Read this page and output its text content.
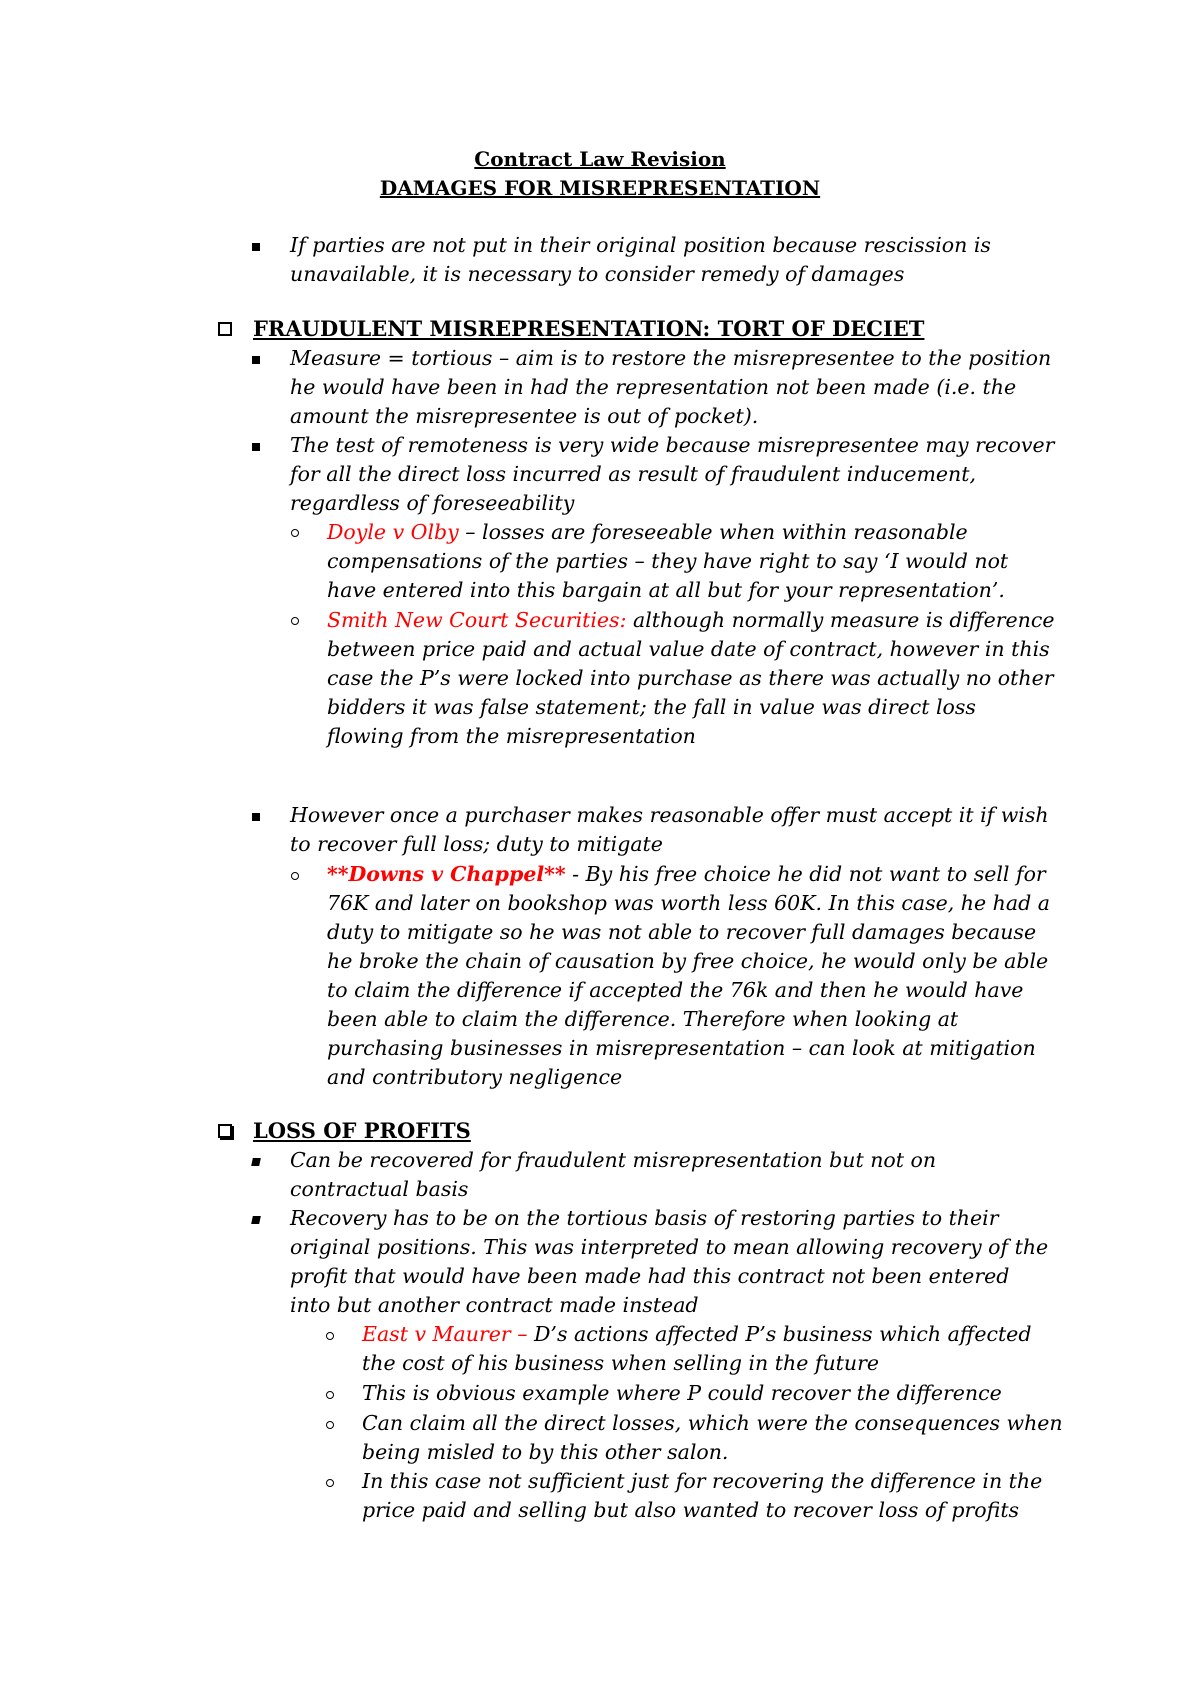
Contract Law Revision
DAMAGES FOR MISREPRESENTATION
If parties are not put in their original position because rescission is
unavailable, it is necessary to consider remedy of damages
FRAUDULENT MISREPRESENTATION: TORT OF DECIET
Measure = tortious – aim is to restore the misrepresentee to the position
he would have been in had the representation not been made (i.e. the
amount the misrepresentee is out of pocket).
The test of remoteness is very wide because misrepresentee may recover
for all the direct loss incurred as result of fraudulent inducement,
regardless of foreseeability
Doyle v Olby – losses are foreseeable when within reasonable
compensations of the parties – they have right to say ‘I would not
have entered into this bargain at all but for your representation’.
Smith New Court Securities: although normally measure is difference
between price paid and actual value date of contract, however in this
case the P’s were locked into purchase as there was actually no other
bidders it was false statement; the fall in value was direct loss
flowing from the misrepresentation
However once a purchaser makes reasonable offer must accept it if wish
to recover full loss; duty to mitigate
**Downs v Chappel** - By his free choice he did not want to sell for
76K and later on bookshop was worth less 60K. In this case, he had a
duty to mitigate so he was not able to recover full damages because
he broke the chain of causation by free choice, he would only be able
to claim the difference if accepted the 76k and then he would have
been able to claim the difference. Therefore when looking at
purchasing businesses in misrepresentation – can look at mitigation
and contributory negligence
LOSS OF PROFITS
Can be recovered for fraudulent misrepresentation but not on
contractual basis
Recovery has to be on the tortious basis of restoring parties to their
original positions. This was interpreted to mean allowing recovery of the
profit that would have been made had this contract not been entered
into but another contract made instead
East v Maurer – D’s actions affected P’s business which affected
the cost of his business when selling in the future
This is obvious example where P could recover the difference
Can claim all the direct losses, which were the consequences when
being misled to by this other salon.
In this case not sufficient just for recovering the difference in the
price paid and selling but also wanted to recover loss of profits
